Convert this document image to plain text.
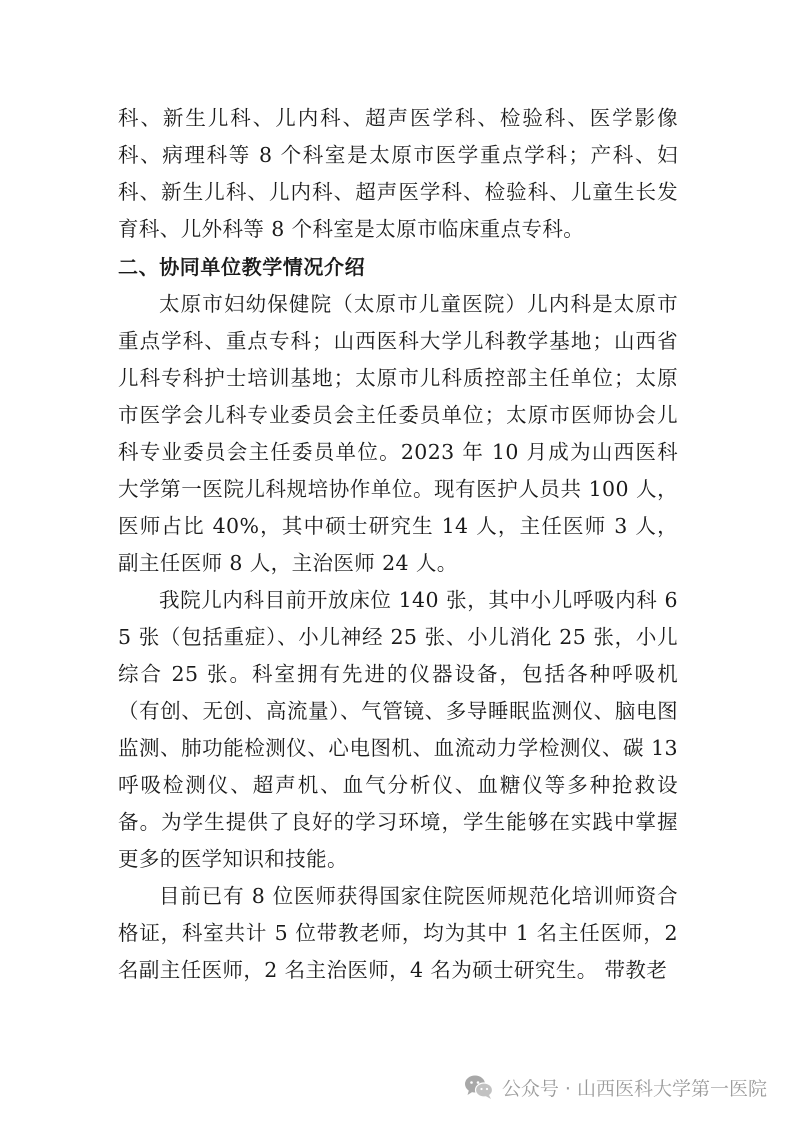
科、新生儿科、儿内科、超声医学科、检验科、医学影像科、病理科等 8 个科室是太原市医学重点学科；产科、妇科、新生儿科、儿内科、超声医学科、检验科、儿童生长发育科、儿外科等 8 个科室是太原市临床重点专科。

二、协同单位教学情况介绍

太原市妇幼保健院（太原市儿童医院）儿内科是太原市重点学科、重点专科；山西医科大学儿科教学基地；山西省儿科专科护士培训基地；太原市儿科质控部主任单位；太原市医学会儿科专业委员会主任委员单位；太原市医师协会儿科专业委员会主任委员单位。2023 年 10 月成为山西医科大学第一医院儿科规培协作单位。现有医护人员共 100 人，医师占比 40%，其中硕士研究生 14 人，主任医师 3 人，副主任医师 8 人，主治医师 24 人。

我院儿内科目前开放床位 140 张，其中小儿呼吸内科 65 张（包括重症）、小儿神经 25 张、小儿消化 25 张，小儿综合 25 张。科室拥有先进的仪器设备，包括各种呼吸机（有创、无创、高流量）、气管镜、多导睡眠监测仪、脑电图监测、肺功能检测仪、心电图机、血流动力学检测仪、碳 13 呼吸检测仪、超声机、血气分析仪、血糖仪等多种抢救设备。为学生提供了良好的学习环境，学生能够在实践中掌握更多的医学知识和技能。

目前已有 8 位医师获得国家住院医师规范化培训师资合格证，科室共计 5 位带教老师，均为其中 1 名主任医师，2 名副主任医师，2 名主治医师，4 名为硕士研究生。 带教老

公众号 · 山西医科大学第一医院
